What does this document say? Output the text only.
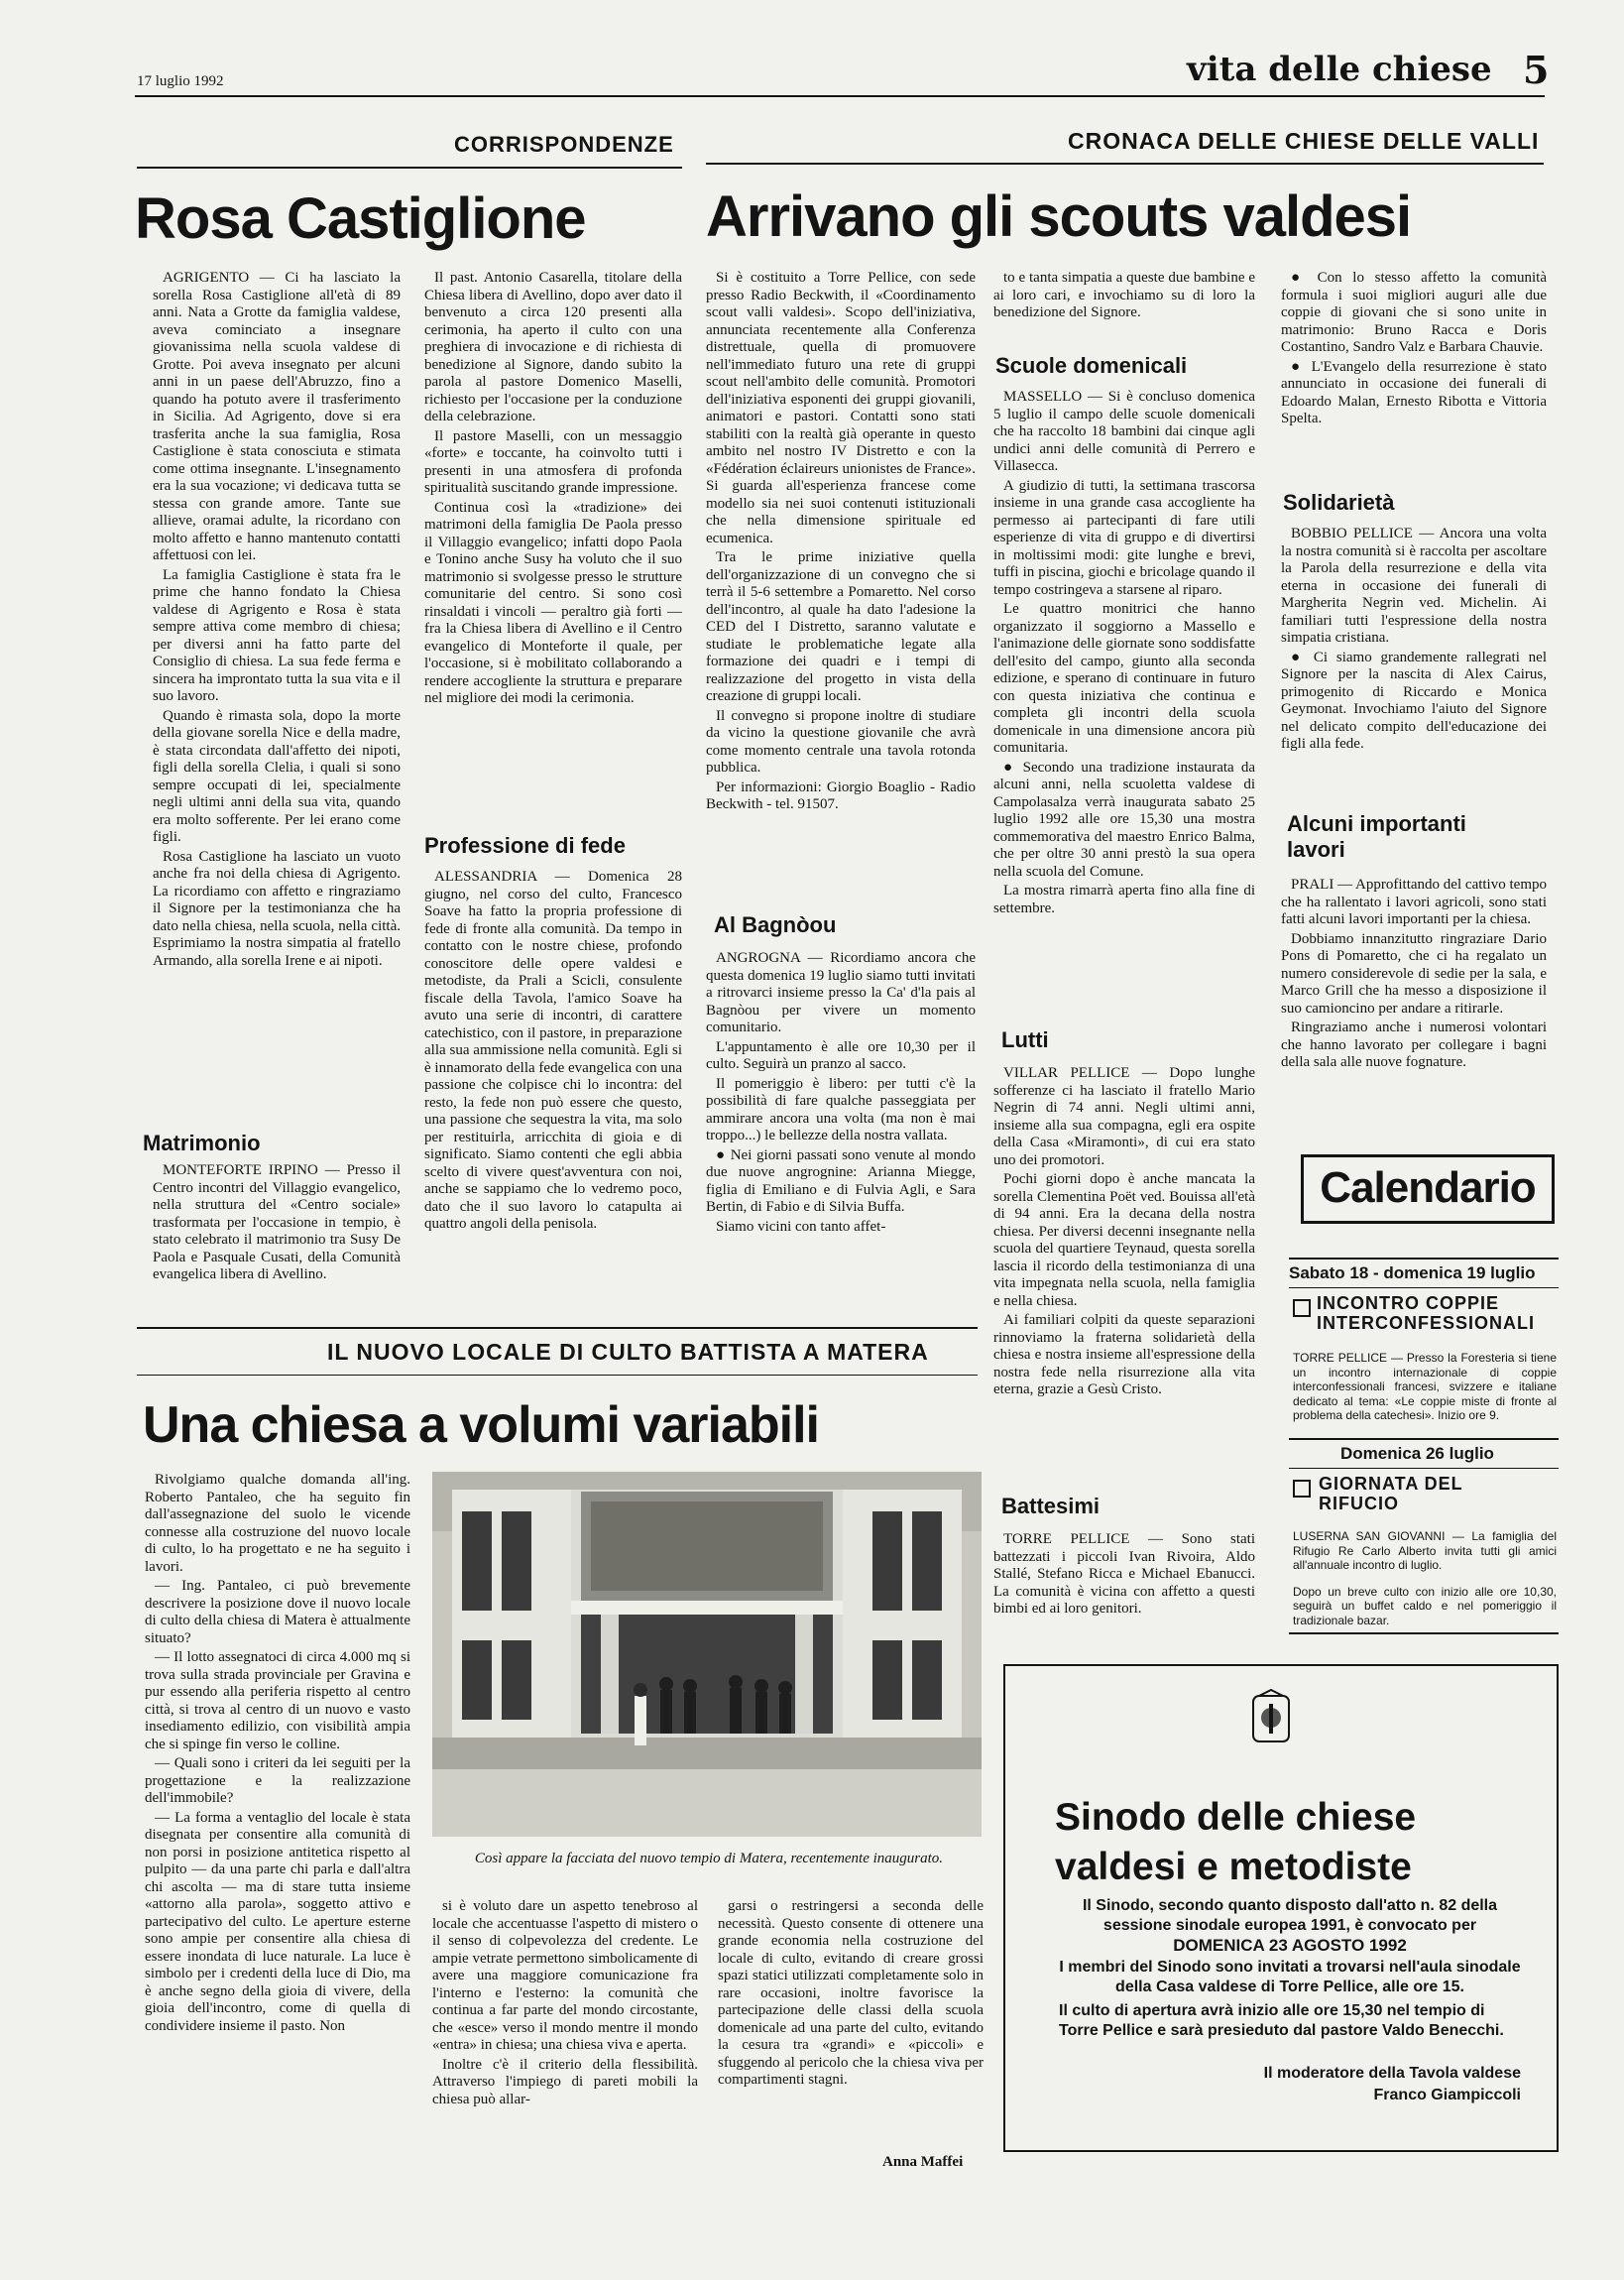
17 luglio 1992	vita delle chiese 5
CORRISPONDENZE	CRONACA DELLE CHIESE DELLE VALLI
Rosa Castiglione Arrivano gli scouts valdesi

AGRIGENTO — Ci ha lasciato la sorella Rosa Castiglione all'età di 89 anni. Nata a Grotte da famiglia valdese, aveva cominciato a insegnare giovanissima nella scuola valdese di Grotte. Poi aveva insegnato per alcuni anni in un paese dell'Abruzzo, fino a quando ha potuto avere il trasferimento in Sicilia. Ad Agrigento, dove si era trasferita anche la sua famiglia, Rosa Castiglione è stata conosciuta e stimata come ottima insegnante. L'insegnamento era la sua vocazione; vi dedicava tutta se stessa con grande amore. Tante sue allieve, oramai adulte, la ricordano con molto affetto e hanno mantenuto contatti affettuosi con lei.

La famiglia Castiglione è stata fra le prime che hanno fondato la Chiesa valdese di Agrigento e Rosa è stata sempre attiva come membro di chiesa; per diversi anni ha fatto parte del Consiglio di chiesa. La sua fede ferma e sincera ha improntato tutta la sua vita e il suo lavoro.

Quando è rimasta sola, dopo la morte della giovane sorella Nice e della madre, è stata circondata dall'affetto dei nipoti, figli della sorella Clelia, i quali si sono sempre occupati di lei, specialmente negli ultimi anni della sua vita, quando era molto sofferente. Per lei erano come figli.

Rosa Castiglione ha lasciato un vuoto anche fra noi della chiesa di Agrigento. La ricordiamo con affetto e ringraziamo il Signore per la testimonianza che ha dato nella chiesa, nella scuola, nella città. Esprimiamo la nostra simpatia al fratello Armando, alla sorella Irene e ai nipoti.

Matrimonio

MONTEFORTE IRPINO — Presso il Centro incontri del Villaggio evangelico, nella struttura del «Centro sociale» trasformata per l'occasione in tempio, è stato celebrato il matrimonio tra Susy De Paola e Pasquale Cusati, della Comunità evangelica libera di Avellino.

Il past. Antonio Casarella, titolare della Chiesa libera di Avellino, dopo aver dato il benvenuto a circa 120 presenti alla cerimonia, ha aperto il culto con una preghiera di invocazione e di richiesta di benedizione al Signore, dando subito la parola al pastore Domenico Maselli, richiesto per l'occasione per la conduzione della celebrazione.

Il pastore Maselli, con un messaggio «forte» e toccante, ha coinvolto tutti i presenti in una atmosfera di profonda spiritualità suscitando grande impressione.

Continua così la «tradizione» dei matrimoni della famiglia De Paola presso il Villaggio evangelico; infatti dopo Paola e Tonino anche Susy ha voluto che il suo matrimonio si svolgesse presso le strutture comunitarie del centro. Si sono così rinsaldati i vincoli — peraltro già forti — fra la Chiesa libera di Avellino e il Centro evangelico di Monteforte il quale, per l'occasione, si è mobilitato collaborando a rendere accogliente la struttura e preparare nel migliore dei modi la cerimonia.

Professione di fede

ALESSANDRIA — Domenica 28 giugno, nel corso del culto, Francesco Soave ha fatto la propria professione di fede di fronte alla comunità. Da tempo in contatto con le nostre chiese, profondo conoscitore delle opere valdesi e metodiste, da Prali a Scicli, consulente fiscale della Tavola, l'amico Soave ha avuto una serie di incontri, di carattere catechistico, con il pastore, in preparazione alla sua ammissione nella comunità. Egli si è innamorato della fede evangelica con una passione che colpisce chi lo incontra: del resto, la fede non può essere che questo, una passione che sequestra la vita, ma solo per restituirla, arricchita di gioia e di significato. Siamo contenti che egli abbia scelto di vivere quest'avventura con noi, anche se sappiamo che lo vedremo poco, dato che il suo lavoro lo catapulta ai quattro angoli della penisola.

Si è costituito a Torre Pellice, con sede presso Radio Beckwith, il «Coordinamento scout valli valdesi». Scopo dell'iniziativa, annunciata recentemente alla Conferenza distrettuale, quella di promuovere nell'immediato futuro una rete di gruppi scout nell'ambito delle comunità. Promotori dell'iniziativa esponenti dei gruppi giovanili, animatori e pastori. Contatti sono stati stabiliti con la realtà già operante in questo ambito nel nostro IV Distretto e con la «Fédération éclaireurs unionistes de France». Si guarda all'esperienza francese come modello sia nei suoi contenuti istituzionali che nella dimensione spirituale ed ecumenica.

Tra le prime iniziative quella dell'organizzazione di un convegno che si terrà il 5-6 settembre a Pomaretto. Nel corso dell'incontro, al quale ha dato l'adesione la CED del I Distretto, saranno valutate e studiate le problematiche legate alla formazione dei quadri e i tempi di realizzazione del progetto in vista della creazione di gruppi locali.

Il convegno si propone inoltre di studiare da vicino la questione giovanile che avrà come momento centrale una tavola rotonda pubblica.

Per informazioni: Giorgio Boaglio - Radio Beckwith - tel. 91507.

Al Bagnòou

ANGROGNA — Ricordiamo ancora che questa domenica 19 luglio siamo tutti invitati a ritrovarci insieme presso la Ca' d'la pais al Bagnòou per vivere un momento comunitario.

L'appuntamento è alle ore 10,30 per il culto. Seguirà un pranzo al sacco.

Il pomeriggio è libero: per tutti c'è la possibilità di fare qualche passeggiata per ammirare ancora una volta (ma non è mai troppo...) le bellezze della nostra vallata.

● Nei giorni passati sono venute al mondo due nuove angrognine: Arianna Miegge, figlia di Emiliano e di Fulvia Agli, e Sara Bertin, di Fabio e di Silvia Buffa.

Siamo vicini con tanto affet-

to e tanta simpatia a queste due bambine e ai loro cari, e invochiamo su di loro la benedizione del Signore.

Scuole domenicali

MASSELLO — Si è concluso domenica 5 luglio il campo delle scuole domenicali che ha raccolto 18 bambini dai cinque agli undici anni delle comunità di Perrero e Villasecca.

A giudizio di tutti, la settimana trascorsa insieme in una grande casa accogliente ha permesso ai partecipanti di fare utili esperienze di vita di gruppo e di divertirsi in moltissimi modi: gite lunghe e brevi, tuffi in piscina, giochi e bricolage quando il tempo costringeva a starsene al riparo.

Le quattro monitrici che hanno organizzato il soggiorno a Massello e l'animazione delle giornate sono soddisfatte dell'esito del campo, giunto alla seconda edizione, e sperano di continuare in futuro con questa iniziativa che continua e completa gli incontri della scuola domenicale in una dimensione ancora più comunitaria.

● Secondo una tradizione instaurata da alcuni anni, nella scuoletta valdese di Campolasalza verrà inaugurata sabato 25 luglio 1992 alle ore 15,30 una mostra commemorativa del maestro Enrico Balma, che per oltre 30 anni prestò la sua opera nella scuola del Comune.

La mostra rimarrà aperta fino alla fine di settembre.

Lutti

VILLAR PELLICE — Dopo lunghe sofferenze ci ha lasciato il fratello Mario Negrin di 74 anni. Negli ultimi anni, insieme alla sua compagna, egli era ospite della Casa «Miramonti», di cui era stato uno dei promotori.

Pochi giorni dopo è anche mancata la sorella Clementina Poët ved. Bouissa all'età di 94 anni. Era la decana della nostra chiesa. Per diversi decenni insegnante nella scuola del quartiere Teynaud, questa sorella lascia il ricordo della testimonianza di una vita impegnata nella scuola, nella famiglia e nella chiesa.

Ai familiari colpiti da queste separazioni rinnoviamo la fraterna solidarietà della chiesa e nostra insieme all'espressione della nostra fede nella risurrezione alla vita eterna, grazie a Gesù Cristo.

Battesimi

TORRE PELLICE — Sono stati battezzati i piccoli Ivan Rivoira, Aldo Stallé, Stefano Ricca e Michael Ebanucci. La comunità è vicina con affetto a questi bimbi ed ai loro genitori.

● Con lo stesso affetto la comunità formula i suoi migliori auguri alle due coppie di giovani che si sono unite in matrimonio: Bruno Racca e Doris Costantino, Sandro Valz e Barbara Chauvie.

● L'Evangelo della resurrezione è stato annunciato in occasione dei funerali di Edoardo Malan, Ernesto Ribotta e Vittoria Spelta.

Solidarietà

BOBBIO PELLICE — Ancora una volta la nostra comunità si è raccolta per ascoltare la Parola della resurrezione e della vita eterna in occasione dei funerali di Margherita Negrin ved. Michelin. Ai familiari tutti l'espressione della nostra simpatia cristiana.

● Ci siamo grandemente rallegrati nel Signore per la nascita di Alex Cairus, primogenito di Riccardo e Monica Geymonat. Invochiamo l'aiuto del Signore nel delicato compito dell'educazione dei figli alla fede.

Alcuni importanti lavori

PRALI — Approfittando del cattivo tempo che ha rallentato i lavori agricoli, sono stati fatti alcuni lavori importanti per la chiesa.

Dobbiamo innanzitutto ringraziare Dario Pons di Pomaretto, che ci ha regalato un numero considerevole di sedie per la sala, e Marco Grill che ha messo a disposizione il suo camioncino per andare a ritirarle.

Ringraziamo anche i numerosi volontari che hanno lavorato per collegare i bagni della sala alle nuove fognature.

Calendario
Sabato 18 - domenica 19 luglio
INCONTRO COPPIE INTERCONFESSIONALI

TORRE PELLICE — Presso la Foresteria si tiene un incontro internazionale di coppie interconfessionali francesi, svizzere e italiane dedicato al tema: «Le coppie miste di fronte al problema della catechesi». Inizio ore 9.

Domenica 26 luglio
GIORNATA DEL RIFUCIO

LUSERNA SAN GIOVANNI — La famiglia del Rifugio Re Carlo Alberto invita tutti gli amici all'annuale incontro di luglio.

Dopo un breve culto con inizio alle ore 10,30, seguirà un buffet caldo e nel pomeriggio il tradizionale bazar.

Sinodo delle chiese valdesi e metodiste
Il Sinodo, secondo quanto disposto dall'atto n. 82 della sessione sinodale europea 1991, è convocato per
DOMENICA 23 AGOSTO 1992
I membri del Sinodo sono invitati a trovarsi nell'aula sinodale della Casa valdese di Torre Pellice, alle ore 15.
Il culto di apertura avrà inizio alle ore 15,30 nel tempio di Torre Pellice e sarà presieduto dal pastore Valdo Benecchi.
Il moderatore della Tavola valdese
Franco Giampiccoli
IL NUOVO LOCALE DI CULTO BATTISTA A MATERA
Una chiesa a volumi variabili

Rivolgiamo qualche domanda all'ing. Roberto Pantaleo, che ha seguito fin dall'assegnazione del suolo le vicende connesse alla costruzione del nuovo locale di culto, lo ha progettato e ne ha seguito i lavori.

— Ing. Pantaleo, ci può brevemente descrivere la posizione dove il nuovo locale di culto della chiesa di Matera è attualmente situato?

— Il lotto assegnatoci di circa 4.000 mq si trova sulla strada provinciale per Gravina e pur essendo alla periferia rispetto al centro città, si trova al centro di un nuovo e vasto insediamento edilizio, con visibilità ampia che si spinge fin verso le colline.

— Quali sono i criteri da lei seguiti per la progettazione e la realizzazione dell'immobile?

— La forma a ventaglio del locale è stata disegnata per consentire alla comunità di non porsi in posizione antitetica rispetto al pulpito — da una parte chi parla e dall'altra chi ascolta — ma di stare tutta insieme «attorno alla parola», soggetto attivo e partecipativo del culto. Le aperture esterne sono ampie per consentire alla chiesa di essere inondata di luce naturale. La luce è simbolo per i credenti della luce di Dio, ma è anche segno della gioia di vivere, della gioia dell'incontro, come di quella di condividere insieme il pasto. Non

Così appare la facciata del nuovo tempio di Matera, recentemente inaugurato.

si è voluto dare un aspetto tenebroso al locale che accentuasse l'aspetto di mistero o il senso di colpevolezza del credente. Le ampie vetrate permettono simbolicamente di avere una maggiore comunicazione fra l'interno e l'esterno: la comunità che continua a far parte del mondo circostante, che «esce» verso il mondo mentre il mondo «entra» in chiesa; una chiesa viva e aperta.

Inoltre c'è il criterio della flessibilità. Attraverso l'impiego di pareti mobili la chiesa può allar-

garsi o restringersi a seconda delle necessità. Questo consente di ottenere una grande economia nella costruzione del locale di culto, evitando di creare grossi spazi statici utilizzati completamente solo in rare occasioni, inoltre favorisce la partecipazione delle classi della scuola domenicale ad una parte del culto, evitando la cesura tra «grandi» e «piccoli» e sfuggendo al pericolo che la chiesa viva per compartimenti stagni.

Anna Maffei
